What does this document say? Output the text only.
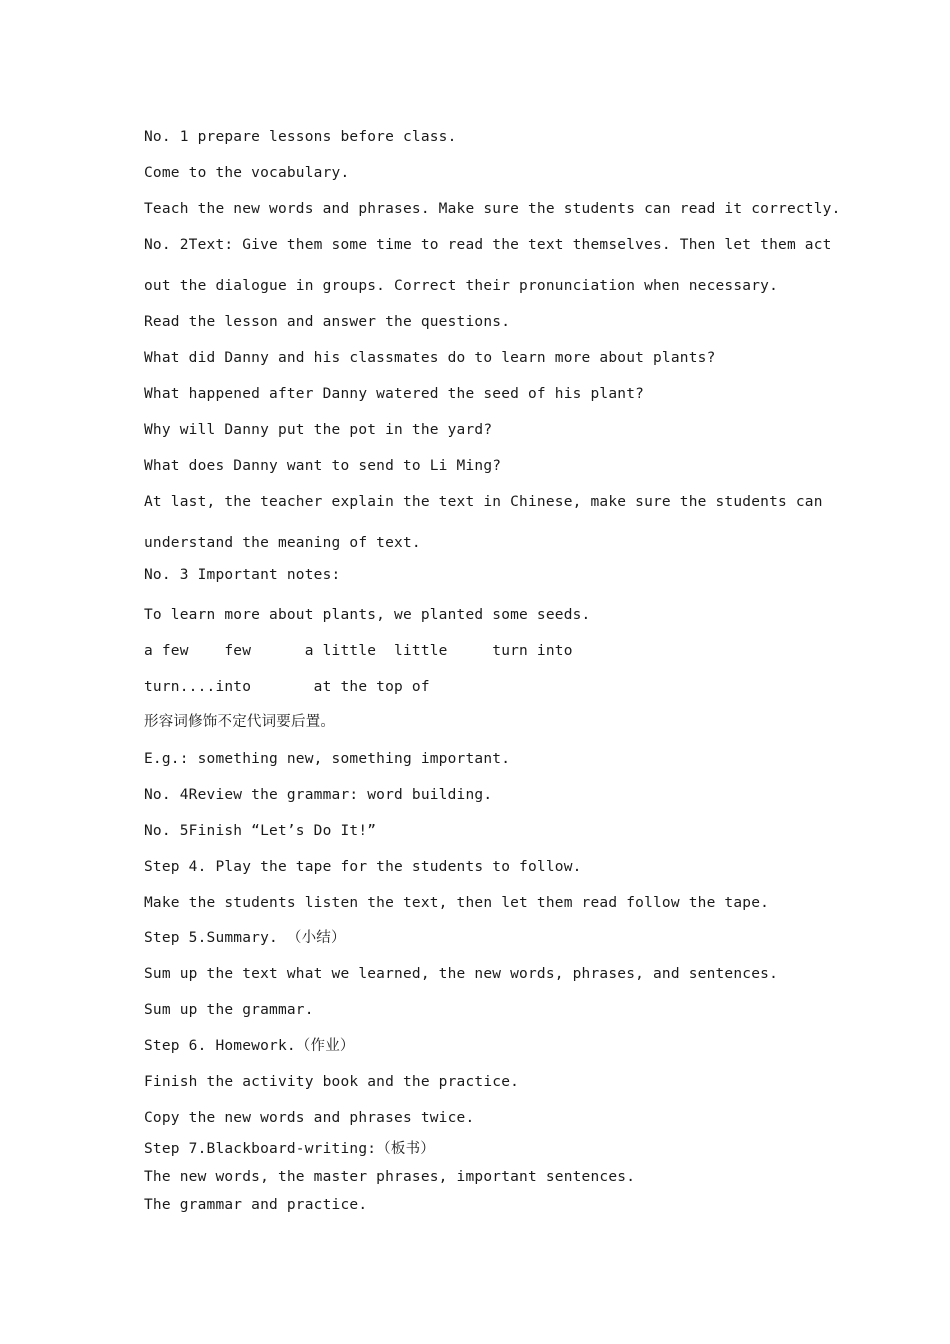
No. 1 prepare lessons before class.
Come to the vocabulary.
Teach the new words and phrases. Make sure the students can read it correctly.
No. 2Text: Give them some time to read the text themselves. Then let them act
out the dialogue in groups. Correct their pronunciation when necessary.
Read the lesson and answer the questions.
What did Danny and his classmates do to learn more about plants?
What happened after Danny watered the seed of his plant?
Why will Danny put the pot in the yard?
What does Danny want to send to Li Ming?
At last, the teacher explain the text in Chinese, make sure the students can
understand the meaning of text.
No. 3 Important notes:
To learn more about plants, we planted some seeds.
a few    few      a little  little     turn into
turn....into       at the top of
形容词修饰不定代词要后置。
E.g.: something new, something important.
No. 4Review the grammar: word building.
No. 5Finish “Let’s Do It!”
Step 4. Play the tape for the students to follow.
Make the students listen the text, then let them read follow the tape.
Step 5.Summary. （小结）
Sum up the text what we learned, the new words, phrases, and sentences.
Sum up the grammar.
Step 6. Homework.（作业）
Finish the activity book and the practice.
Copy the new words and phrases twice.
Step 7.Blackboard-writing:（板书）
The new words, the master phrases, important sentences.
The grammar and practice.
